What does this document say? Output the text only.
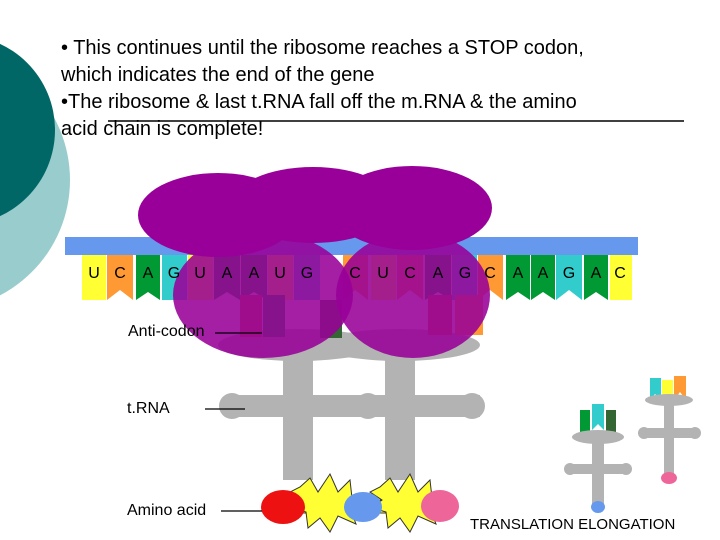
• This continues until the ribosome reaches a STOP codon,

which indicates the end of the gene

•The ribosome & last t.RNA fall off the m.RNA & the amino

acid chain is complete!

U C A G U A A U G C U C A G C A A G A C
Anti-codon
t.RNA
Amino acid
TRANSLATION ELONGATION
